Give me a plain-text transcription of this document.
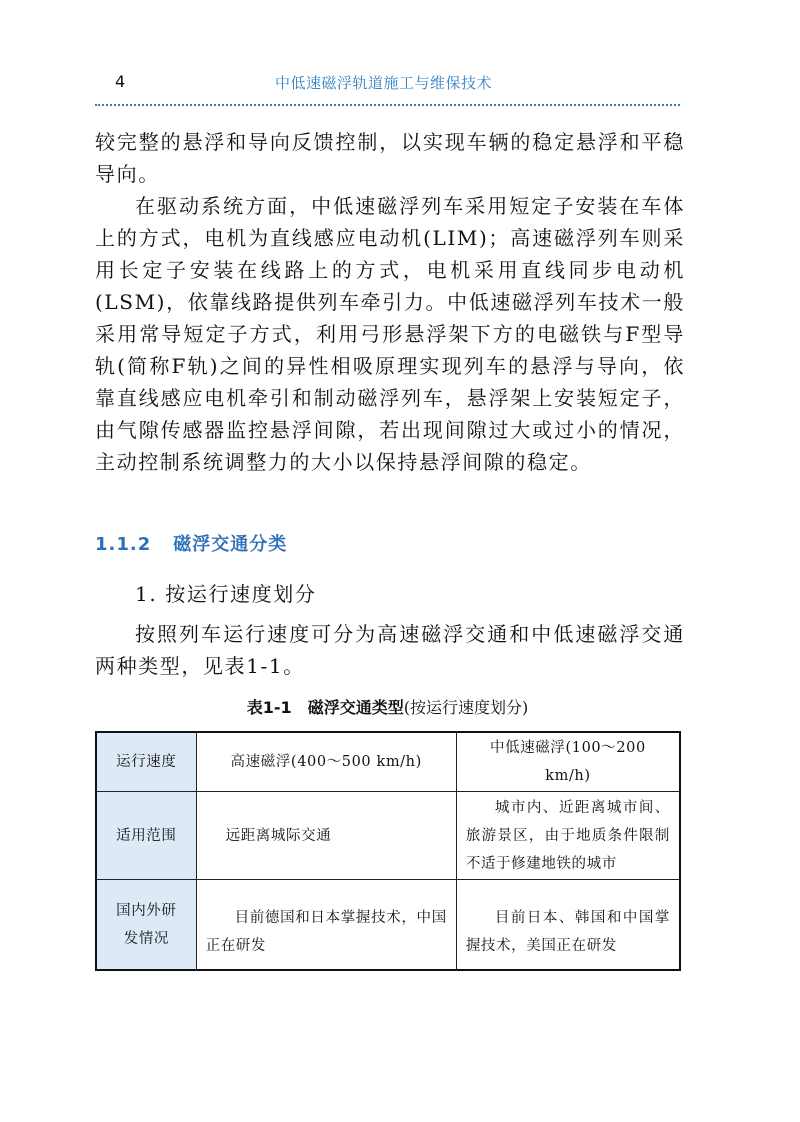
4	中低速磁浮轨道施工与维保技术

较完整的悬浮和导向反馈控制，以实现车辆的稳定悬浮和平稳导向。

在驱动系统方面，中低速磁浮列车采用短定子安装在车体上的方式，电机为直线感应电动机(LIM)；高速磁浮列车则采用长定子安装在线路上的方式，电机采用直线同步电动机(LSM)，依靠线路提供列车牵引力。中低速磁浮列车技术一般采用常导短定子方式，利用弓形悬浮架下方的电磁铁与F型导轨(简称F轨)之间的异性相吸原理实现列车的悬浮与导向，依靠直线感应电机牵引和制动磁浮列车，悬浮架上安装短定子，由气隙传感器监控悬浮间隙，若出现间隙过大或过小的情况，主动控制系统调整力的大小以保持悬浮间隙的稳定。

1.1.2 磁浮交通分类

1. 按运行速度划分

按照列车运行速度可分为高速磁浮交通和中低速磁浮交通两种类型，见表1-1。

表1-1 磁浮交通类型(按运行速度划分)
运行速度	高速磁浮(400～500 km/h)	中低速磁浮(100～200 km/h)

适用范围	远距离城际交通	城市内、近距离城市间、旅游景区，由于地质条件限制不适于修建地铁的城市

国内外研发情况	目前德国和日本掌握技术，中国正在研发	目前日本、韩国和中国掌握技术，美国正在研发
